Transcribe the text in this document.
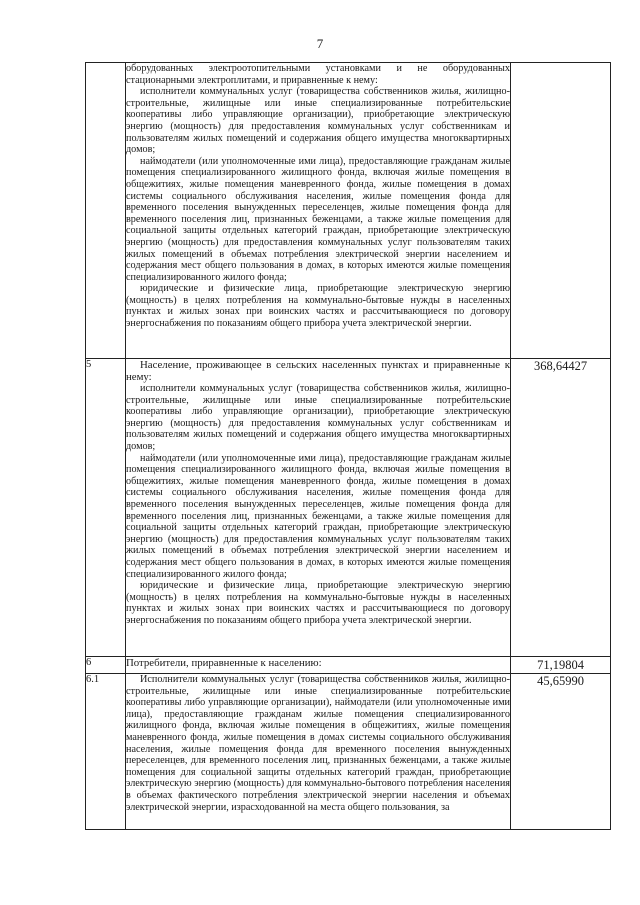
7

	оборудованных электроотопительными установками и не оборудованных стационарными электроплитами, и приравненные к нему:

исполнители коммунальных услуг (товарищества собственников жилья, жилищно-строительные, жилищные или иные специализированные потребительские кооперативы либо управляющие организации), приобретающие электрическую энергию (мощность) для предоставления коммунальных услуг собственникам и пользователям жилых помещений и содержания общего имущества многоквартирных домов;

наймодатели (или уполномоченные ими лица), предоставляющие гражданам жилые помещения специализированного жилищного фонда, включая жилые помещения в общежитиях, жилые помещения маневренного фонда, жилые помещения в домах системы социального обслуживания населения, жилые помещения фонда для временного поселения вынужденных переселенцев, жилые помещения фонда для временного поселения лиц, признанных беженцами, а также жилые помещения для социальной защиты отдельных категорий граждан, приобретающие электрическую энергию (мощность) для предоставления коммунальных услуг пользователям таких жилых помещений в объемах потребления электрической энергии населением и содержания мест общего пользования в домах, в которых имеются жилые помещения специализированного жилого фонда;

юридические и физические лица, приобретающие электрическую энергию (мощность) в целях потребления на коммунально-бытовые нужды в населенных пунктах и жилых зонах при воинских частях и рассчитывающиеся по договору энергоснабжения по показаниям общего прибора учета электрической энергии.	

5	Население, проживающее в сельских населенных пунктах и приравненные к нему:

исполнители коммунальных услуг (товарищества собственников жилья, жилищно-строительные, жилищные или иные специализированные потребительские кооперативы либо управляющие организации), приобретающие электрическую энергию (мощность) для предоставления коммунальных услуг собственникам и пользователям жилых помещений и содержания общего имущества многоквартирных домов;

наймодатели (или уполномоченные ими лица), предоставляющие гражданам жилые помещения специализированного жилищного фонда, включая жилые помещения в общежитиях, жилые помещения маневренного фонда, жилые помещения в домах системы социального обслуживания населения, жилые помещения фонда для временного поселения вынужденных переселенцев, жилые помещения фонда для временного поселения лиц, признанных беженцами, а также жилые помещения для социальной защиты отдельных категорий граждан, приобретающие электрическую энергию (мощность) для предоставления коммунальных услуг пользователям таких жилых помещений в объемах потребления электрической энергии населением и содержания мест общего пользования в домах, в которых имеются жилые помещения специализированного жилого фонда;

юридические и физические лица, приобретающие электрическую энергию (мощность) в целях потребления на коммунально-бытовые нужды в населенных пунктах и жилых зонах при воинских частях и рассчитывающиеся по договору энергоснабжения по показаниям общего прибора учета электрической энергии.	368,64427
6	Потребители, приравненные к населению:	71,19804
6.1	Исполнители коммунальных услуг (товарищества собственников жилья, жилищно-строительные, жилищные или иные специализированные потребительские кооперативы либо управляющие организации), наймодатели (или уполномоченные ими лица), предоставляющие гражданам жилые помещения специализированного жилищного фонда, включая жилые помещения в общежитиях, жилые помещения маневренного фонда, жилые помещения в домах системы социального обслуживания населения, жилые помещения фонда для временного поселения вынужденных переселенцев, для временного поселения лиц, признанных беженцами, а также жилые помещения для социальной защиты отдельных категорий граждан, приобретающие электрическую энергию (мощность) для коммунально-бытового потребления населения в объемах фактического потребления электрической энергии населения и объемах электрической энергии, израсходованной на места общего пользования, за	45,65990
